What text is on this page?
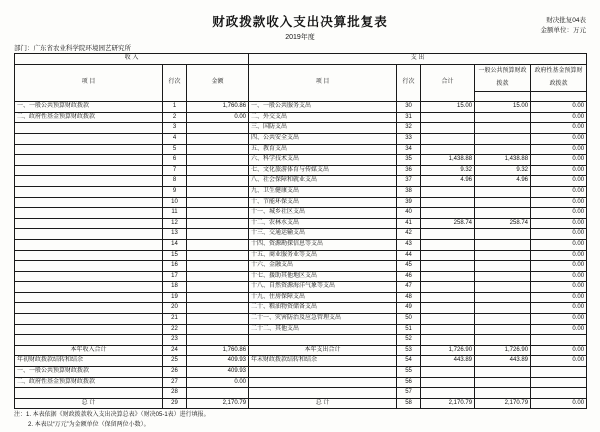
财决批复04表
金额单位：万元
财政拨款收入支出决算批复表
2019年度
部门：广东省农业科学院环境园艺研究所
收 入			支 出					
项 目	行次	金额	项 目	行次	合计	一般公共预算财政拨款	政府性基金预算财政拨款	

一、一般公共预算财政拨款	1	1,760.86	一、一般公共服务支出	30	15.00	15.00	0.00	
二、政府性基金预算财政拨款	2	0.00	二、外交支出	31			0.00	
	3		三、国防支出	32			0.00	
	4		四、公共安全支出	33			0.00	
	5		五、教育支出	34			0.00	
	6		六、科学技术支出	35	1,438.88	1,438.88	0.00	
	7		七、文化旅游体育与传媒支出	36	9.32	9.32	0.00	
	8		八、社会保障和就业支出	37	4.96	4.96	0.00	
	9		九、卫生健康支出	38			0.00	
	10		十、节能环保支出	39			0.00	
	11		十一、城乡社区支出	40			0.00	
	12		十二、农林水支出	41	258.74	258.74	0.00	
	13		十三、交通运输支出	42			0.00	
	14		十四、资源勘探信息等支出	43			0.00	
	15		十五、商业服务业等支出	44			0.00	
	16		十六、金融支出	45			0.00	
	17		十七、援助其他地区支出	46			0.00	
	18		十八、自然资源海洋气象等支出	47			0.00	
	19		十九、住房保障支出	48			0.00	
	20		二十、粮油物资储备支出	49			0.00	
	21		二十一、灾害防治及应急管理支出	50			0.00	
	22		二十二、其他支出	51			0.00	
	23			52				
本年收入合计	24	1,760.86	本年支出合计	53	1,726.90	1,726.90	0.00	
年初财政拨款结转和结余	25	409.93	年末财政拨款结转和结余	54	443.89	443.89	0.00	
一、一般公共预算财政拨款	26	409.93		55				
二、政府性基金预算财政拨款	27	0.00		56				
	28			57				
总 计	29	2,170.79	总 计	58	2,170.79	2,170.79	0.00	
注：1. 本表依据《财政拨款收入支出决算总表》（财决05-1表）进行填报。
2. 本表以“万元”为金额单位（保留两位小数）。
